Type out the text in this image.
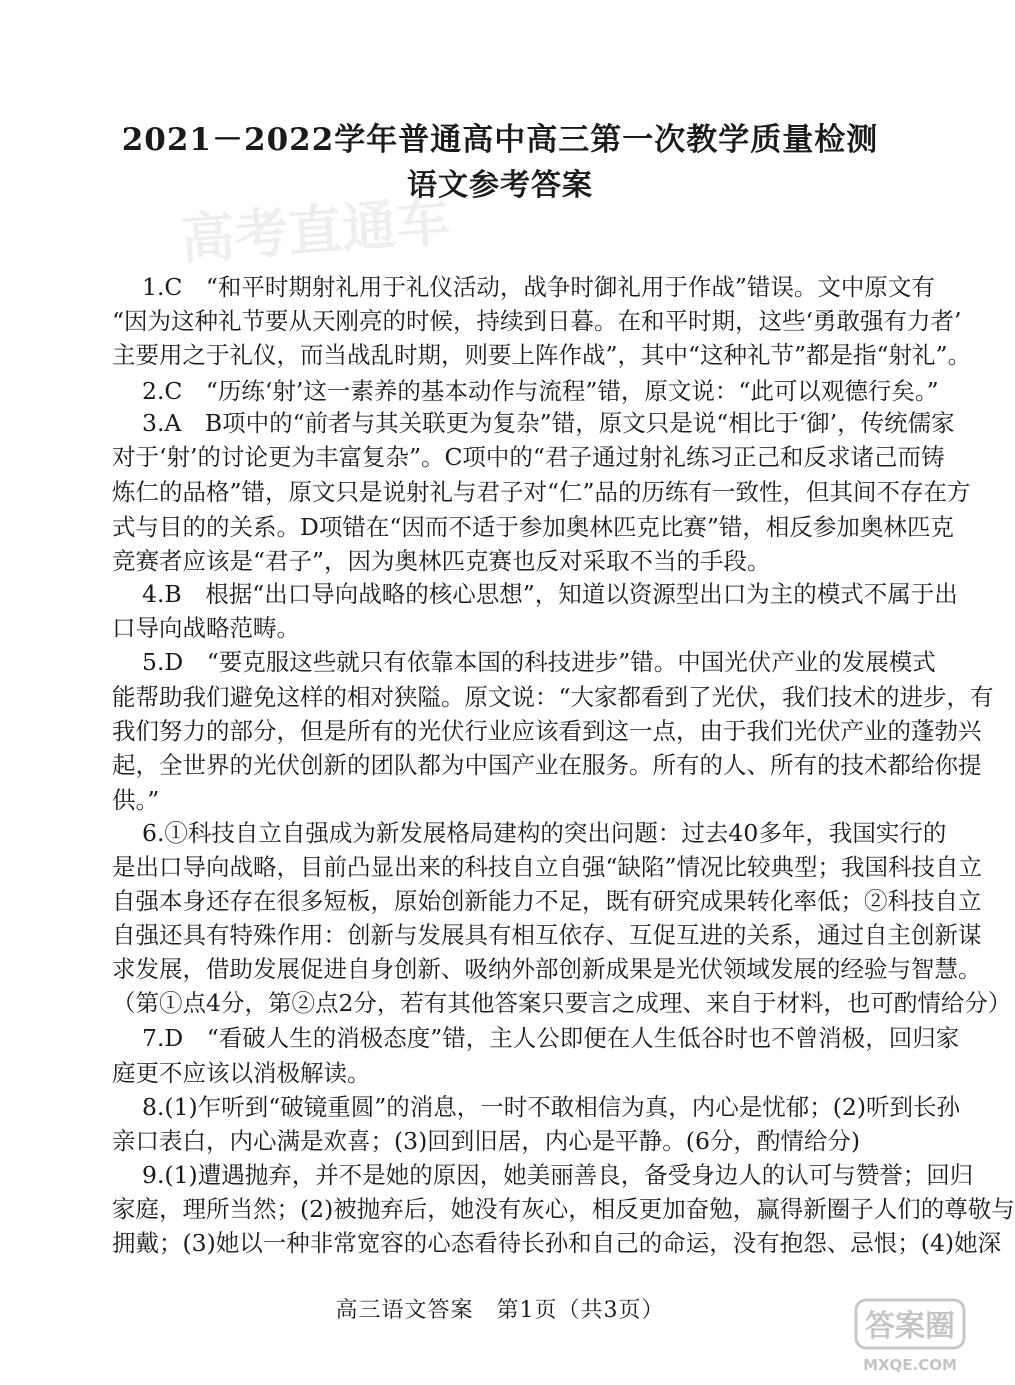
高考直通车
2021－2022学年普通高中高三第一次教学质量检测
语文参考答案
1.C　“和平时期射礼用于礼仪活动，战争时御礼用于作战”错误。文中原文有
“因为这种礼节要从天刚亮的时候，持续到日暮。在和平时期，这些‘勇敢强有力者’
主要用之于礼仪，而当战乱时期，则要上阵作战”，其中“这种礼节”都是指“射礼”。
2.C　“历练‘射’这一素养的基本动作与流程”错，原文说：“此可以观德行矣。”
3.A　B项中的“前者与其关联更为复杂”错，原文只是说“相比于‘御’，传统儒家
对于‘射’的讨论更为丰富复杂”。C项中的“君子通过射礼练习正己和反求诸己而铸
炼仁的品格”错，原文只是说射礼与君子对“仁”品的历练有一致性，但其间不存在方
式与目的的关系。D项错在“因而不适于参加奥林匹克比赛”错，相反参加奥林匹克
竞赛者应该是“君子”，因为奥林匹克赛也反对采取不当的手段。
4.B　根据“出口导向战略的核心思想”，知道以资源型出口为主的模式不属于出
口导向战略范畴。
5.D　“要克服这些就只有依靠本国的科技进步”错。中国光伏产业的发展模式
能帮助我们避免这样的相对狭隘。原文说：“大家都看到了光伏，我们技术的进步，有
我们努力的部分，但是所有的光伏行业应该看到这一点，由于我们光伏产业的蓬勃兴
起，全世界的光伏创新的团队都为中国产业在服务。所有的人、所有的技术都给你提
供。”
6.①科技自立自强成为新发展格局建构的突出问题：过去40多年，我国实行的
是出口导向战略，目前凸显出来的科技自立自强“缺陷”情况比较典型；我国科技自立
自强本身还存在很多短板，原始创新能力不足，既有研究成果转化率低；②科技自立
自强还具有特殊作用：创新与发展具有相互依存、互促互进的关系，通过自主创新谋
求发展，借助发展促进自身创新、吸纳外部创新成果是光伏领域发展的经验与智慧。
（第①点4分，第②点2分，若有其他答案只要言之成理、来自于材料，也可酌情给分）
7.D　“看破人生的消极态度”错，主人公即便在人生低谷时也不曾消极，回归家
庭更不应该以消极解读。
8.(1)乍听到“破镜重圆”的消息，一时不敢相信为真，内心是忧郁；(2)听到长孙
亲口表白，内心满是欢喜；(3)回到旧居，内心是平静。(6分，酌情给分)
9.(1)遭遇抛弃，并不是她的原因，她美丽善良，备受身边人的认可与赞誉；回归
家庭，理所当然；(2)被抛弃后，她没有灰心，相反更加奋勉，赢得新圈子人们的尊敬与
拥戴；(3)她以一种非常宽容的心态看待长孙和自己的命运，没有抱怨、忌恨；(4)她深
高三语文答案　第1页（共3页）	答案圈
MXQE.COM
